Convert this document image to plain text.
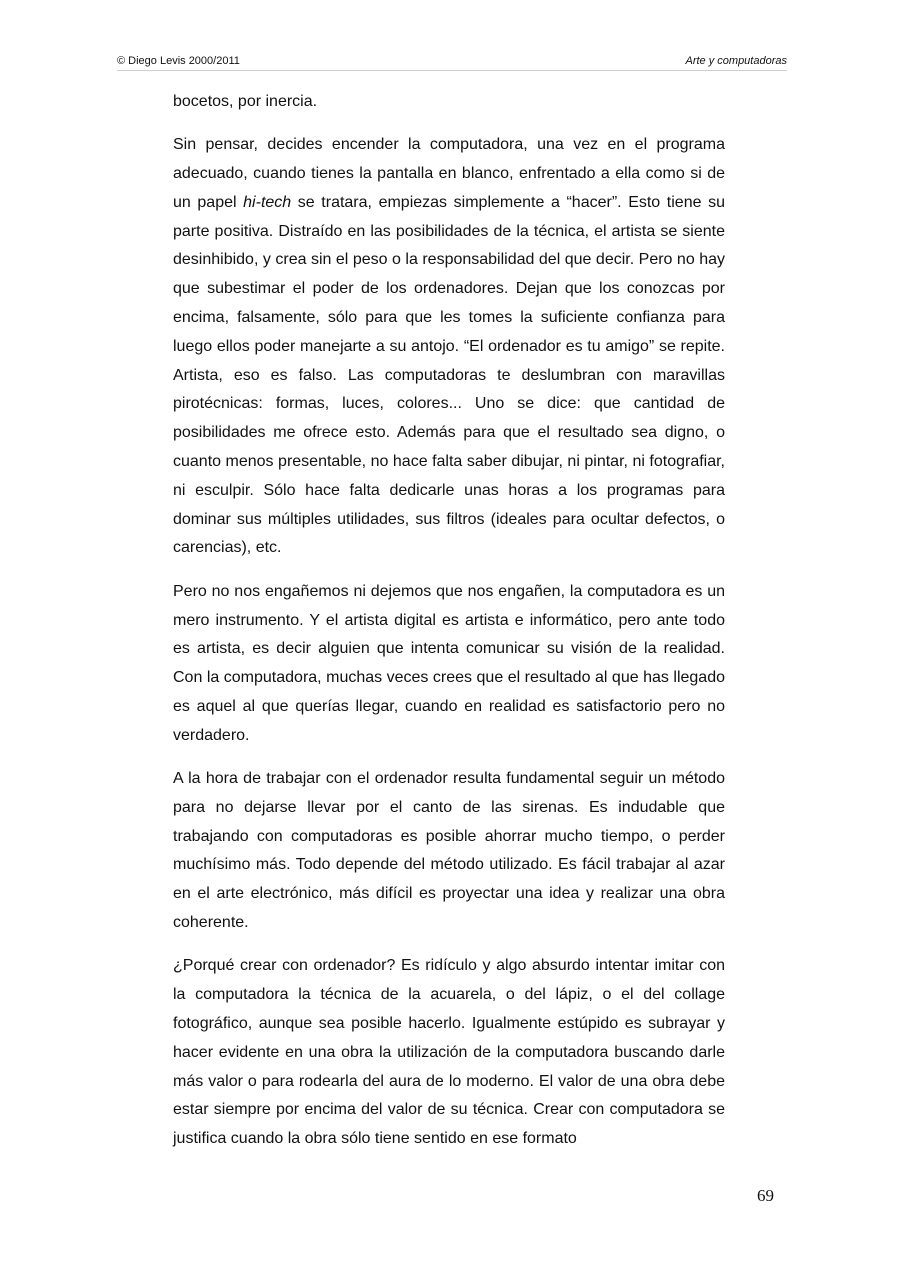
© Diego Levis 2000/2011	Arte y computadoras

bocetos, por inercia.

Sin pensar, decides encender la computadora, una vez en el programa adecuado, cuando tienes la pantalla en blanco, enfrentado a ella como si de un papel hi-tech se tratara, empiezas simplemente a “hacer”. Esto tiene su parte positiva. Distraído en las posibilidades de la técnica, el artista se siente desinhibido, y crea sin el peso o la responsabilidad del que decir. Pero no hay que subestimar el poder de los ordenadores. Dejan que los conozcas por encima, falsamente, sólo para que les tomes la suficiente confianza para luego ellos poder manejarte a su antojo. “El ordenador es tu amigo” se repite. Artista, eso es falso. Las computadoras te deslumbran con maravillas pirotécnicas: formas, luces, colores... Uno se dice: que cantidad de posibilidades me ofrece esto. Además para que el resultado sea digno, o cuanto menos presentable, no hace falta saber dibujar, ni pintar, ni fotografiar, ni esculpir. Sólo hace falta dedicarle unas horas a los programas para dominar sus múltiples utilidades, sus filtros (ideales para ocultar defectos, o carencias), etc.

Pero no nos engañemos ni dejemos que nos engañen, la computadora es un mero instrumento. Y el artista digital es artista e informático, pero ante todo es artista, es decir alguien que intenta comunicar su visión de la realidad. Con la computadora, muchas veces crees que el resultado al que has llegado es aquel al que querías llegar, cuando en realidad es satisfactorio pero no verdadero.

A la hora de trabajar con el ordenador resulta fundamental seguir un método para no dejarse llevar por el canto de las sirenas. Es indudable que trabajando con computadoras es posible ahorrar mucho tiempo, o perder muchísimo más. Todo depende del método utilizado. Es fácil trabajar al azar en el arte electrónico, más difícil es proyectar una idea y realizar una obra coherente.

¿Porqué crear con ordenador? Es ridículo y algo absurdo intentar imitar con la computadora la técnica de la acuarela, o del lápiz, o el del collage fotográfico, aunque sea posible hacerlo. Igualmente estúpido es subrayar y hacer evidente en una obra la utilización de la computadora buscando darle más valor o para rodearla del aura de lo moderno. El valor de una obra debe estar siempre por encima del valor de su técnica. Crear con computadora se justifica cuando la obra sólo tiene sentido en ese formato

69
